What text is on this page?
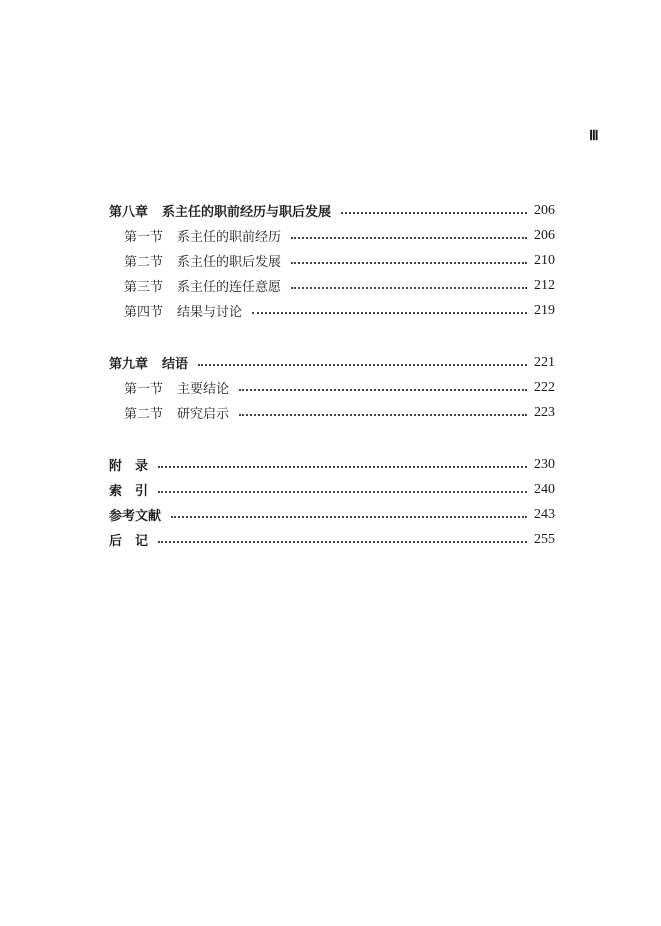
Ⅲ
第八章 系主任的职前经历与职后发展	206
第一节 系主任的职前经历	206
第二节 系主任的职后发展	210
第三节 系主任的连任意愿	212
第四节 结果与讨论	219
第九章 结语	221
第一节 主要结论	222
第二节 研究启示	223
附　录	230
索　引	240
参考文献	243
后　记	255
